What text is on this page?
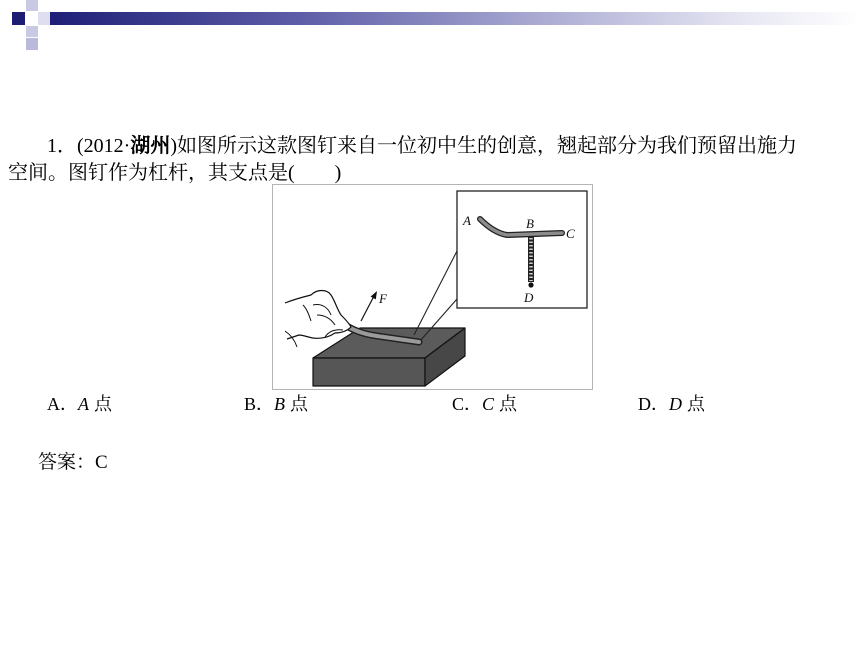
1．(2012·湖州)如图所示这款图钉来自一位初中生的创意，翘起部分为我们预留出施力
空间。图钉作为杠杆，其支点是(　　)
F
A	B
C
D
A．A 点	B．B 点	C．C 点	D．D 点
答案：C
